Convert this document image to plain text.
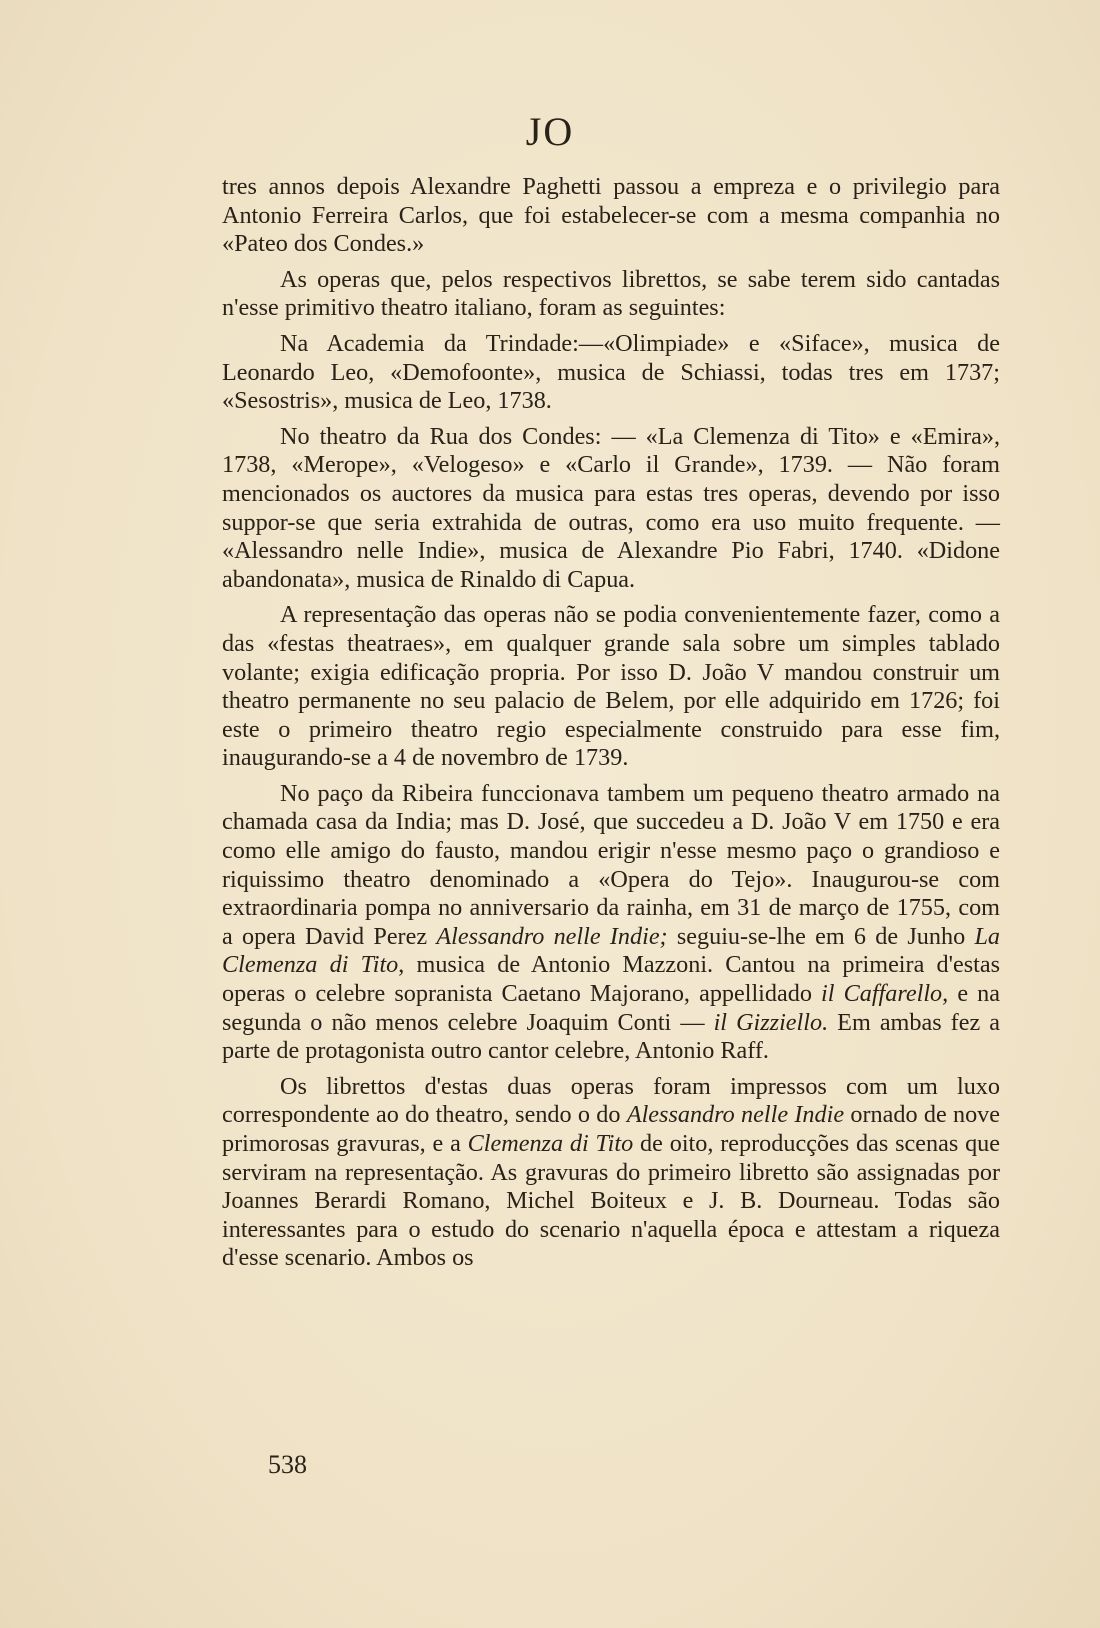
JO

tres annos depois Alexandre Paghetti passou a empreza e o privilegio para Antonio Ferreira Carlos, que foi estabelecer-se com a mesma companhia no «Pateo dos Condes.»

As operas que, pelos respectivos librettos, se sabe terem sido cantadas n'esse primitivo theatro italiano, foram as seguintes:

Na Academia da Trindade:—«Olimpiade» e «Siface», musica de Leonardo Leo, «Demofoonte», musica de Schiassi, todas tres em 1737; «Sesostris», musica de Leo, 1738.

No theatro da Rua dos Condes: — «La Clemenza di Tito» e «Emira», 1738, «Merope», «Velogeso» e «Carlo il Grande», 1739. — Não foram mencionados os auctores da musica para estas tres operas, devendo por isso suppor-se que seria extrahida de outras, como era uso muito frequente. — «Alessandro nelle Indie», musica de Alexandre Pio Fabri, 1740. «Didone abandonata», musica de Rinaldo di Capua.

A representação das operas não se podia convenientemente fazer, como a das «festas theatraes», em qualquer grande sala sobre um simples tablado volante; exigia edificação propria. Por isso D. João V mandou construir um theatro permanente no seu palacio de Belem, por elle adquirido em 1726; foi este o primeiro theatro regio especialmente construido para esse fim, inaugurando-se a 4 de novembro de 1739.

No paço da Ribeira funccionava tambem um pequeno theatro armado na chamada casa da India; mas D. José, que succedeu a D. João V em 1750 e era como elle amigo do fausto, mandou erigir n'esse mesmo paço o grandioso e riquissimo theatro denominado a «Opera do Tejo». Inaugurou-se com extraordinaria pompa no anniversario da rainha, em 31 de março de 1755, com a opera David Perez Alessandro nelle Indie; seguiu-se-lhe em 6 de Junho La Clemenza di Tito, musica de Antonio Mazzoni. Cantou na primeira d'estas operas o celebre sopranista Caetano Majorano, appellidado il Caffarello, e na segunda o não menos celebre Joaquim Conti — il Gizziello. Em ambas fez a parte de protagonista outro cantor celebre, Antonio Raff.

Os librettos d'estas duas operas foram impressos com um luxo correspondente ao do theatro, sendo o do Alessandro nelle Indie ornado de nove primorosas gravuras, e a Clemenza di Tito de oito, reproducções das scenas que serviram na representação. As gravuras do primeiro libretto são assignadas por Joannes Berardi Romano, Michel Boiteux e J. B. Dourneau. Todas são interessantes para o estudo do scenario n'aquella época e attestam a riqueza d'esse scenario. Ambos os

538
